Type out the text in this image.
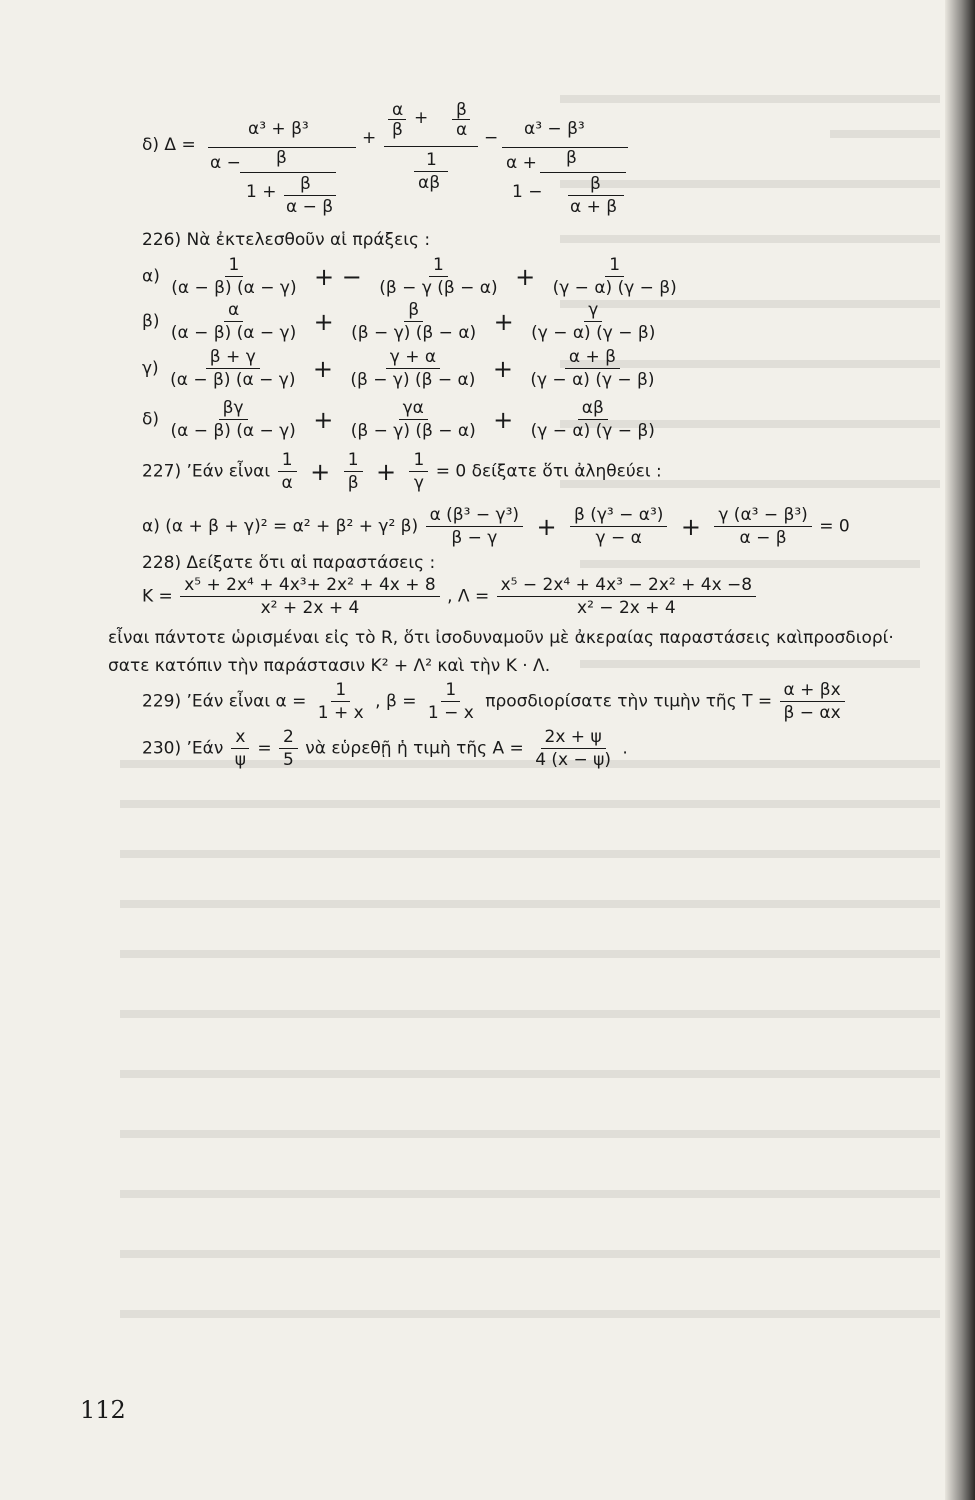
δ) Δ =
α³ + β³
α − β
1 + β
α − β
+
α
β
+ β
α
1
αβ
− α³ − β³
α + β
1 −	β
α + β
226) Νὰ ἐκτελεσθοῦν αἱ πράξεις :
$\alpha) \frac{1}{(\alpha - \beta) (\alpha - \gamma)}$ + − $\frac{1}{(\beta - \gamma (\beta - \alpha)} + \frac{1}{(\gamma - \alpha) (\gamma - \beta)}$
$\beta) \frac{\alpha}{(\alpha - \beta) (\alpha - \gamma)} + \frac{\beta}{(\beta - \gamma) (\beta - \alpha)} + \frac{\gamma}{(\gamma - \alpha) (\gamma - \beta)}$
$\gamma) \frac{\beta + \gamma}{(\alpha - \beta) (\alpha - \gamma)} + \frac{\gamma + \alpha}{(\beta - \gamma) (\beta - \alpha)} + \frac{\alpha + \beta}{(\gamma - \alpha) (\gamma - \beta)}$
$\delta) \frac{\beta\gamma}{(\alpha - \beta) (\alpha - \gamma)} + \frac{\gamma\alpha}{(\beta - \gamma) (\beta - \alpha)} + \frac{\alpha\beta}{(\gamma - \alpha) (\gamma - \beta)}$
227) ’Εάν εἶναι $\frac{1}{\alpha} + \frac{1}{\beta} + \frac{1}{\gamma} = 0$ δείξατε ὅτι ἀληθεύει :
α) (α + β + γ)² = α² + β² + γ² $\beta) \frac{\text{α (β³ − γ³)}}{\beta - \gamma} + \frac{\text{β (γ³ − α³)}}{\gamma - \alpha} + \frac{\text{γ (α³ − β³)}}{\alpha - \beta} = 0$
228) Δείξατε ὅτι αἱ παραστάσεις :
$K = \frac{\text{x⁵ + 2x⁴ + 4x³+ 2x² + 4x + 8}}{\text{x² + 2x + 4}}$ , $\Lambda = \frac{\text{x⁵ − 2x⁴ + 4x³ − 2x² + 4x −8}}{\text{x² − 2x + 4}}$
εἶναι πάντοτε ὡρισμέναι εἰς τὸ R, ὅτι ἰσοδυναμοῦν μὲ ἀκεραίας παραστάσεις καὶπροσδιορί·
σατε κατόπιν τὴν παράστασιν K² + Λ² καὶ τὴν K · Λ.
229) ’Εάν εἶναι $\alpha = \frac{1}{1 + x}$ , $\beta = \frac{1}{1 - x}$ προσδιορίσατε τὴν τιμὴν τῆς $T = \frac{\alpha + \beta x}{\beta - \alpha x}$
230) ’Εάν $\frac{x}{\psi} = \frac{2}{5}$ νὰ εὑρεθῇ ἡ τιμὴ τῆς $A = \frac{2x + \psi}{4 (x - \psi)}$ .
112
